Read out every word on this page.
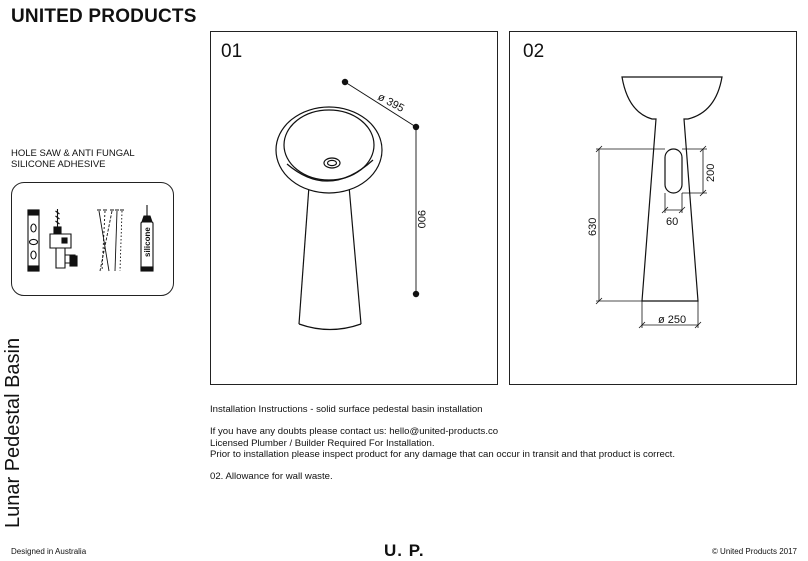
UNITED PRODUCTS
HOLE SAW & ANTI FUNGAL
SILICONE ADHESIVE
silicone
Lunar Pedestal Basin
01
ø 395
900
02
630
200
60
ø 250
Installation Instructions - solid surface pedestal basin installation
If you have any doubts please contact us: hello@united-products.co
Licensed Plumber / Builder Required For Installation.
Prior to installation please inspect product for any damage that can occur in transit and that product is correct.
02. Allowance for wall waste.
Designed in Australia	U. P.	© United Products 2017
